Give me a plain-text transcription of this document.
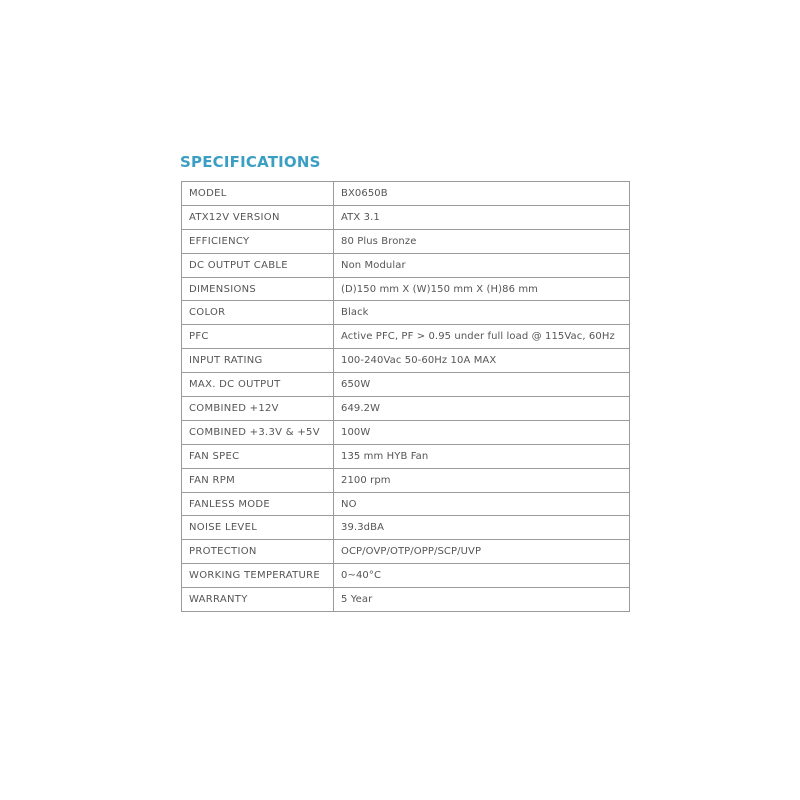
SPECIFICATIONS
MODEL	BX0650B
ATX12V VERSION	ATX 3.1
EFFICIENCY	80 Plus Bronze
DC OUTPUT CABLE	Non Modular
DIMENSIONS	(D)150 mm X (W)150 mm X (H)86 mm
COLOR	Black
PFC	Active PFC, PF > 0.95 under full load @ 115Vac, 60Hz
INPUT RATING	100-240Vac 50-60Hz 10A MAX
MAX. DC OUTPUT	650W
COMBINED +12V	649.2W
COMBINED +3.3V & +5V	100W
FAN SPEC	135 mm HYB Fan
FAN RPM	2100 rpm
FANLESS MODE	NO
NOISE LEVEL	39.3dBA
PROTECTION	OCP/OVP/OTP/OPP/SCP/UVP
WORKING TEMPERATURE	0~40°C
WARRANTY	5 Year
